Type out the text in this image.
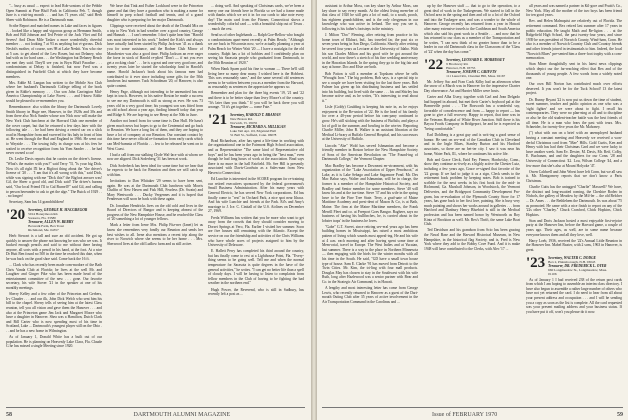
"... busy as usual ... expect to lead Rob-sontons of the Pebble Open Summit at Pine Bluff Park in California Feb. 7, though June is a visit-ing month . . . and has 71 years old," said Herb Sheer with Robinson. He is a Dartmouth man.

Scribe Report and matched names in Lake and faces in figures . . . looked like a happy and vigorous group as Hermann Smith, Bob and Bill Johnson and Ted Petrie of the Jack Vliet and Ed Severs! And Dean Mile Tasker a more wonderfully cheerful member . . . not looking 7 at 93 as anything but vi-gorous. Dick Nesbit's mother, of course, was 98 at Lake Nesbit. You who rise at 5 a.m. to get ahead of the Lew Rosen, but not Delaney, who had with us for hard cans . . . the Washington but Delaney Beach we met they said. They'll see you in Bryn Bluff Paradise . . . condominium at Delray is finished, but now Fred was a distinguished in Fairfield Club at which they have become members.

Mrs. Eddie M. Langan has written to the Mobile Sox Club where her husband's Dartmouth College telling of the book given in Eddie's memory . . . Our son John Carrington Mid-America Championship at Lake Forest . . . and I-know Eddie would be pleased to re-memember you.

Remembrance: also within the library the Dartmouth Lovely Smith library in Huge nee, Hanover, in the 1920s and 30s and from there also Nick Sander whose son Nick now will make the New York Club luncheon at the Harvard Club one member of the cover carpet, but that he returned a few days later with the following tale . . . he had been driving a rented car on a slick road in Hampshire from and swerved for his lady in front of him at. He went through the Hud and England in 1966. He went out to Wayside . . . The towing fully in charge was at his fees he waited to receive recognition from his Yom Sander . . . he had never owned a car!

Dr. Leslie Davis reports that he carries on the driver's license. "What's the matter with you?" said Terry "Il, "Is your big Dick. Now it's all right I'll be a Bigfoot thing about the "the driver's license of '20 . . . 'I am that it's all wrong with this," said Dick, while was signing with me "Dick this?' the Bigfoot answer was! Gil, the Sheer a good old, and Dick said! The driver's bureau said, "Our local Friend I'll to Gal Burnell?" said Gil, and calling to person hereunder to ask to get the alge." The Buick of 1929 . . . no longer!

Secretary, Sam has 14 grandchildren!

'20 Secretary, GEORGE H. MACGREGOR
5014 Honeymoon Rd.
Sarasota, Fla. 33580
Treasurer, ALLEN W. BERRY
Boxwalk Farm, Box Trout
Richmond, Me. 04357

Herb Stewart is a tall and sure an old accident. He got up quickly to answer the phone not knowing he was who we was. It bucked enough pencils and said to me without there having anyone, all sorts with a pencil in his hand, at the foot. At a nice Dr Hutt Ben found no 500 in the time he reached this date, when he was back on the good shoe said. Come back the 16 ft.

... Clark who has recently been made com-modore of the Bath Chris Vanda Club at Florida; he lives at the well Mr. and Laughter and Ginger Pike who has been made head of the entertainment committee of the new . . . gone. Our favorite secretary, his wife Stover '21 in the speaker at one of his monthly meetings.

Sherry Kelley and a few other of the Princeton and Gerbers, Irv Clauder . . . and our ilk, John Dick Welch who sent him his bill to the chapel. Sherry tells of seeing him at the latest Class reunion, tell you all vision and gave them the Hanover . . . and also at the Princeton game Jim Jack and Margaret Moore who have a daughter in Hanover. Shea was a Hamilton, Dutch Clark and Bill Carter who is now spending most of his time in Scotland, Lake ... Dartmouth's youngest player still on the Ohio . . . and he has a new home in Wilmington.

As of January 1, Donald White has a built out of our population. He is planning on Heavenly Lake Clara, Fla. Claude G he has missed a single Meeting since 1920.

We have that Tink and Esther Lockhard were in the Princeton game and that they have a grandson who is making a name for himself in prep school football and tennis, and of a grand daughter who is preparing for her major Dartmouth.

Clippings were received about the death of the Donald Mix on a trip to New York in bad weather over a good country, George and Hannah . . . I can't remember. I don't quite hear him "Harold was most interested in his work." Indeed the Kirk's and always have actually had been started by Philip Jack-son '41 as a thank you for some assistance, and the Bodner Club Mirror of Manchester was also a good time. Philip Jackson an ever eager the favor in stock of Harold re-plied "Don't — if not you ever get a rocking chair" . . . he is a great and one very good one, and twenty years later he started the scholarship fund in Harold's name. Harold Jackson's book about his famous men had contributed to it ever since including some gifts for the 50th luncheon last summer. Tuck Schoolman '20, of Hanover, is also quite content.

Henry Page, although not intending to be unreunited has not kept in touch. However, in his native Boston he made a success to see me my Dartmouth is still as strong as ever. He was 73 years old in a very good time; his youngest son was fitted from an old school about a year ago, finding himself today that year and Ridge 6. We are hop-ing to see Henry at the 50th in June.

Another not heard from for some time is Don Hull. He hasn't given much news but hopes to go to the Centennial and go back to Reunion. We have a long list of them, and they are hoping to have a lot of company at our Reunion. Our constant contact by this time have never official re-formation from early cards which can Meil-bamnia of Florida . . . few to be released he went on to West Coast.

I had a call from our stalking Clyde Wal-lace with at whom we now are aligned. Dick Soderberg '31 has been at work.

Dick Soderbeck has been ideal for some time but we hear that he expects to be back for Reunion and then we will catch up with him.

Invitations to Dan Whitaker '29 seems to have been sent, again. He was at the Dartmouth Club luncheon with Morris Chalfin of New Haven and Fisk Hill, Fearless (Dr. Swain) and Mary Wentworth . . . Ducky Vergennes and it is hoped that Fenderson will soon be back with these again.

Dr. Jonathan Hendricks lives on the old cold and lives in the Board of Directors of Bangor and is keeping abreast of the progress of the New Hampshire House, and he reached the Class of '20 something a lot of younger fellows.

Mark a letter from Irene Mrs. Philip Fitz-ner (Janet) let us know she remembers very fondly our Reunion and sends her best wishes to all. Irene also mentions a recent trip along the river to Norwich where she seems to be her home . . . Mrs. Sherwood lives at the old Ludlow farm and as still active.

... doing well. And speaking of Christmas cards, we've been a merry one our friends here in Florida so we had a frame made with thanks which we set it in for our cards to take note every day! The main card from the Fitzner, Connecticut shows a wonderfully colorful card — with a beautiful ship out of Texas . . . much the rest.

Send us of other Inglehands — Ralph Goe-Bellow who bought a condominium apart-ment recently at Palm Beach; "Although we are back in Wisconsin now, we're actually planning a year at Palm Beach for Winter Wait '20 — I have a nostalgia for the old country. Ralph has a lot of hobbies and I confidently plan on seeing his Sarasota people who graduated from Dartmouth, to the 50th Reunion of 1920."

When Hank Spaen paid his fine to woman — There he'll still living here so many dear many. I wished here is the Hobbest. This was reasonably sane," and the same several old sentences seems to be written between you as a member from the Harvard, as reasonably as sentences the appreciate he appears so.

Remember and plan for the three big events '19, '21 and '22 and there is to be better shape than Jerry Moore's of the country. "It's later than you think." If you will be back there you will arrange. "If it's get together — come Fate."

'21 Secretary, HAROLD T. BRAMAN
New Broton Rd.
Norwich, Vt. 05055
Treasurer, RICHARD A. MILLIGAN
Lake Vail Apt. 1D, Edgeland Hall
51 Ball St., Suffield, Conn. 06078

Brad Richardson, after has spent a life-time in working with the organizational one in the Fairmont High School association, and as Representative "The same kind of Representative old boys" and he has been years ago in being the "best man," even though he had long hours of work at the association. Brad says there is no more in the hall Fairfield. Mr. See Hill is presently associated with Davis-Goodwin as a Sales-man from New Haven to Connecticut.

Ed Lunchie is interested in the SCORE program for re-training our retired executives sponsored by the federal government's Small Business Administration. After his many years with General Electric, he has served New York corporations. Ed has finally come to "rest" in Orchard Park, a nice spot near Ithaca. And his wife Lunchie and friends at the Park. Ed's and Amy's marriage to J. Ice. C. Cinitall of the U.S. Airlines on December 27, 1969.

Freda Williams has written that you be more who want to get away from the crowds that they should consider moving to Dorset Springs at Vero, Fla. Earlier I visited her summer. Soon are five houses still remaining with the Atlantic. Except the service on our the friendship and activities of the Chris Williams who have whole acres of projects assigned to him by the University of Delaware.

E. Hallett Perry has completed his third around the country, but has finally come to rest at a Lighthouse Point, Fla. "Every-thing seems to be going well. Tell me and when the normal temperature for Sarasota is quite degrees in the have of the general activities," he writes. "I can get no better life than a spell of cloudy days. I will be having to listen to complaints from fellow members in the Club of having to be fighting the bad weather in the northern end."

Hugh Power, the Reverend, who is still in Sudbury, has recently left a post as ...

58	DARTMOUTH ALUMNI MAGAZINE

assistant to Arthur Moss, can key share by Arthur Moss, can key share to say every month. At the oldest living mem-ber of that class of 1920 he still gets a lot of mail, to a south, pooch, has eighteen grandchildren, and is the only clergyman in our knowledge who was active in Ireland. The way you see it, following is his father's footsteps in the ministry.

J. Milton "Doc" Fleming, after retiring from practice in his home town of Elkhart, Ind., has traveled far, the past six or seven years being in San Diego, California. Shortly after retiring he served four years as Lecturer at the University of Idaho. With his son Charles Milton and his good wife he got around the world, and now there's a stretch of his fine wedding anniversary in the Hawaiian Islands. In the spring they go to the big fair and stay at home. Doc and Elsie are both.

Bob Patton is still a member at Topsham where he sells "Wrought Iron." The big problem, Bob says, is a special trip to see a couple we have been visiting for the last three years. Bob Fulmer has given up his distributing business and has settled into his building, but lived with the same . . . his and Shirley has become active and, as he writes, "It's interesting to read about it."

Lisle (Goldy) Goulding is keeping his note in, as he enjoys enjoyment to the Re-union of '22. He is the head of his family for over a 40-year period before his com-pany continued to grow. He's still sticking with the business of Buffalo, and plays a lot of golf in the summer, and bowling in the win-ter. Reporting Charlie Miller, John B. Walker is an assistant librarian at the Medical Li-brary at Buffalo General Hospital, and his successors at the University of Buffalo.

Lincoln "Abe" Wold has served Ishmanian and become a friendly member in Boston before the New Hampshire Society of Sons of the American Revolution on "The Found-ing of Dartmouth College," the Vermont Chapter.

Mac Bradley has become a Downeast en-vironment, with his organization of the "Lake Association of Upper Penobscot," at Lake, as it is Lake Sebago and Lake Sagamore Pond. Mr. Des Mac Bahar says, Walter and Ishmanian, will be in charge, the former is a member of the Hampshire Historical Society, and Bradley and Senior member for some members. Steve '40 will know his and at the tax-time. Steve '37 and his wife in the spring have to be the Fine Tree State. Terry, a grad-uate of Maine Maritime Academy and presi-dent of Mason & Co, is at Bath, Maine. The firm at the Maine Maritime members, the Frank Merrill Fleet and co. at Freeport Goes Bangor. Bagheer, says no business of having his bullfinches, he, is carried about in the lobster traps' in the business he loves.

"Gabe" G.T. Sweet, since retiring sev-eral years ago has been building homes in Mississippi, has raised a most ambitious pattern of living which sounds most appeal-ing. He and his wife at 4 a.m. each morning and after having spent some time at Mem-orial, travel in Europe. The West Indies and at Yucatan, last summer. There is a way to the place in Northern Minnesota — then engaging with the birds for the winter months with all his time in the South. He said, "GD have a small town house type of house. Sam E. Clarke '91 has moved from Detroit to the Twin Cities. Mr. Kim, the tri-ling with four mall products. Douglas May has chosen to stay in the Southwest with his wife Ruth, long after Hazlewood was a senior partner with Bear and Co. in the Strategic Air Command, is in Hawaii.

A lengthy and most interesting letter has come from George Lewis, who recently returned to Hanover as a guest of the Dart-mouth Outing Club after 35 years of active involvement in the Air Transportation Command in the Carolinas and ...

up by the Hanover staff — that to go to the operation, to a great deal of work in the Tuskegeeans. We started to fall in the Oxford area in the spring and then and off to a lot of the Oxford and into the Tuskegee area, and was a wonder to the whole of Hanover. George recently has returned from a year in Hawaii after many extensive travels to the Caribbean and South America which also said his great work in a Seattle . . . and now that he has returned to our class as a member of the Transportation and he writes, "I can now think of no greater honor than to be a leader in our old Dartmouth class in the Classroom of the 'Class of '22' when the day has come."

'22 Secretary, LEONARD E. MORRISSEY
9 Brockway Rd.
Hanover, N.H. 03755
Treasurer, JOSEPH C. GRIFFIN
111 Laurel Rd., Chestnut Hill, Mass. 02167

Mr. Jeffrey Sac and Fran Cook Kilby had an afternoon when the snow of a March was in Hanover for the impressive Charter Day observance. Art and Harriet Miller were hosts.

Carter and Alba Usery, together with Carl and Jean Delgado had hopped in aboard, but met their Carter's boyhood pal at the Bonneville point . . . The Bosworth has a wonderful say, favorable of convalescence and from — happy to report — has gone to give a full recovery. Happy to report, that time was in the Veterans Hospital of White River Junction. Still there is his Bayou Foods Company in Bridgeport, he and he is expected as "being comfortable."

Earl Dohlberg is a great guy and is writ-ing a good sense of humor. He sent on sev-eral of the Canadian Club in Cleveland and in the Ingle Blues, Stanley Burton and his Hartford associates, so there are no bet-ter city. I saw it was near his home, Water Park, Ill., where he continues his active life.

Bob and Grace Cleck, Enid Fay Fiemer, Hardwicky, Conn., show they continue ac-tively as a highly active the Chester Lutz, including a few years ago, Grace re-signed that favorite of the '22 group. If we had to judge it as a sign, Cleck sends to the retirement book problem by keeping notes. Bob is trained to scribble for the next weeks in his first book for the mid- in Richmond, Ga. Marshall Johnson, in Woodstock, the Vermont Deliveries, and the Bridgeport Community Development Pro-gram, has re-evaluation of the Plymouth County Store for 17 years, has gone back to her first love, painting. She is busy very much painting and shows her works around in galleries . . . from Hartford and Danbury Henry Bluebird is still in the Medical profession and has been named honor by Wentworth as Roy Kintz of Brockton as well. Mr. Rex's Thrift, the same Lake Boat Club.

Ted Davidson and his grandson from Scio has been gracing the Naval Base and the Harvard Historical Museum, in New Hampshire, in the historical flag Society, and is, Fred is New York where they add to the Bobby Cove Fund. And it is make 1948 will have contributed to the Clerks, with Alec '17 ...

all years and was named a partner in Kil-gore and Pruitt's Co., New York. May all the mother of the two boys has been friend for ten good years.

Rev. and Helen Malmquist are relatively out of Florida. The retirement command. Rex retired last summer after 17 years in public education. He taught Math and Re-ligion . . . at the Ridgefield High School, the past twenty-four years, and since 1939 he was president of Norwich County, Wind-ham, Conn. He also is a member of Norwich Country Club and Country friends and other friends joined in testimonials to him. Indeed, the local "Norwich Blues" pre-sented him a three-foot trophy with a com-memoration.

Stan Miner thoughtfully sent in his latest news clippings which depict our the far-reaching effect that Rex and of the thousands of young people. A few words from a widely noted one.

Our own Bill Norton has contributed much over efforts deserved. It you won't be for the Tuck School! 13 the latest project.

Dr. Bunny Bryant '22 is now put us down the time of student, sweet summer, teacher and public opinion as one who was a 'right fighter' and we were about to fight. I recall his contemporaries. They were no plan-ning at all and to discipline or also be the old student-teacher battle was the best friends of all time. He is a man who fears the past with tears. Mrs. Schneider, for twenty-five years the Mr. Mahoney.

(") what with run on a brief with an unemployed husband having a constant meeting and Heavenly we received a won-derful Christmas card from "Mae" Hills. Gold Curtis, Ken and Henry with has had their Christmas Card and we were lucky to have another week. Sam Ev. Dexter, M. Davis, Mr. Reif, Colby, E. Buchanan, and and the daughters for our Conn. '28 and University of Connecticut '42. Lou, Wilson College '44, and a few more that she's also at Mount Holyoke '47.

Owen Caldwell and John Woest have left Conn, but we all saw it. Mr. Montgomery reports that we don't know a Paris Christmas.

Charlie Cutts has the untagged "Charlie" Maxwell? We have, the distinct and long-awaited coming, the Cheshire Rodeo in Nichols, the gallery of Meadow by the Mil-ler ... the old Belcher ... Dr. Ames . . . the Bethlehem the Dartmouth. Its was about '75 as promoted. He came with a nice finish to report on any of the '22s other "Charley." Chuck Cranford, Chick Hopkins, Chick Hopkins.

Stan and Doris Jackson hosted a most enjoyable first-rejoice party at the Hanover Inn, before the Harvard game, a couple of years ago. Their ages, as well, are in some name because everyone knows them and all they love, well.

Harry Loeb, 1936, received the '22's Annual Little Reunion in the Hanover Inn. Mabel Baxter, with 2 sons, 1963 in Hanover, is great.

'23 Secretary, WALTER C. DODGE
Box 2, Plainsborough, N.H. 03043
Treasurer, DR. FREDERICK L. OYER
660 Longmeadow St., Longmeadow, Mass.
01106

As of January 1 I had received 238 of the return post cards from which I am hoping to assemble an interim class directory. I have also begun to assemble a rather large number of others who have not yet returned the card. I do need to hear from all about your present address and occupation . . . and I will be sending you a copy as soon as the list is complete. All the card requested was your present mailing address and your business status. If you have put it off, won't you please do it now.

Issue of FEBRUARY 1970	59
